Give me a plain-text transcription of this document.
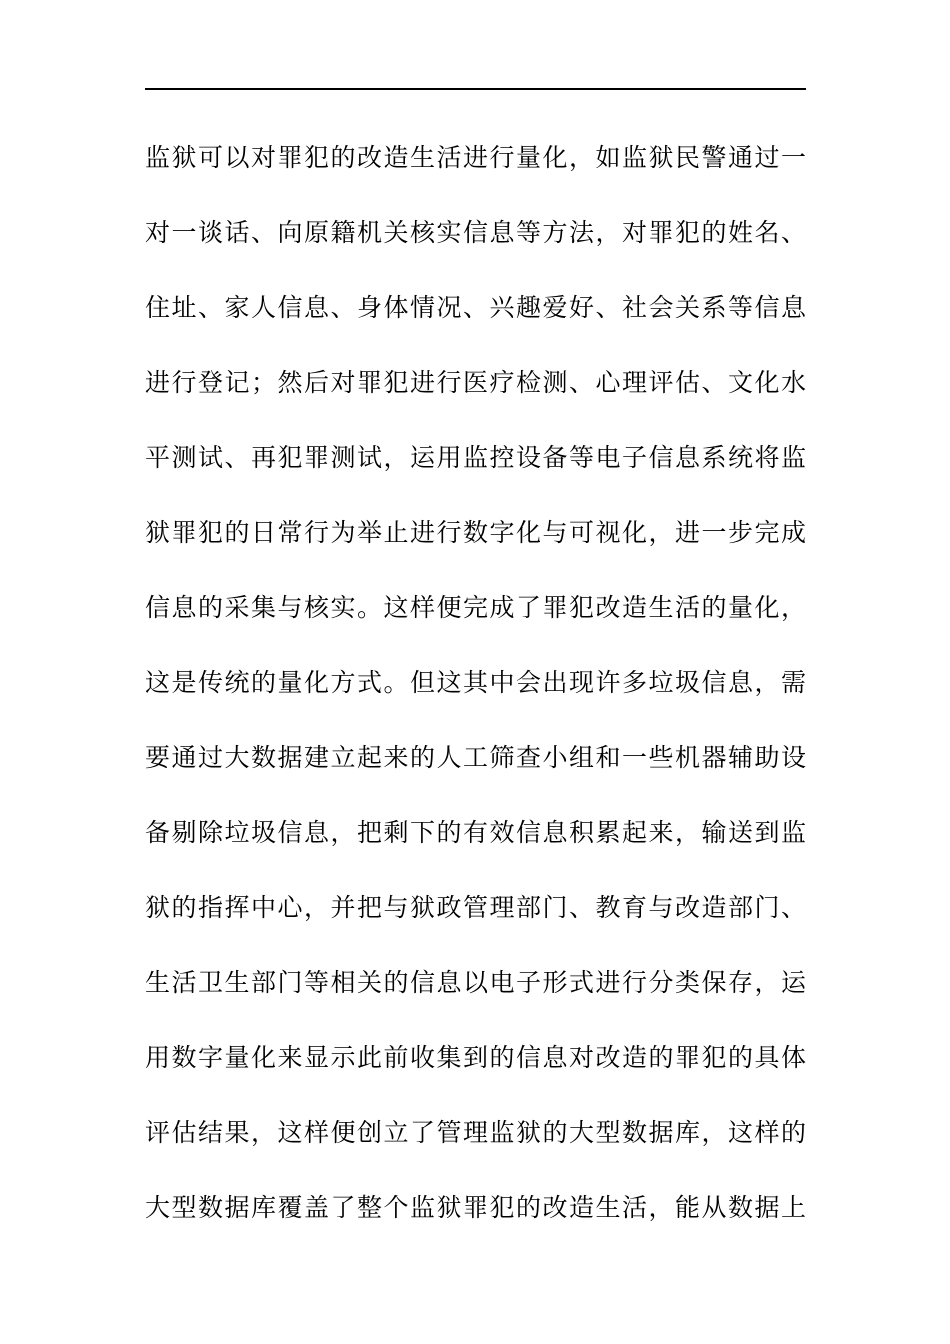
监狱可以对罪犯的改造生活进行量化，如监狱民警通过一
对一谈话、向原籍机关核实信息等方法，对罪犯的姓名、
住址、家人信息、身体情况、兴趣爱好、社会关系等信息
进行登记；然后对罪犯进行医疗检测、心理评估、文化水
平测试、再犯罪测试，运用监控设备等电子信息系统将监
狱罪犯的日常行为举止进行数字化与可视化，进一步完成
信息的采集与核实。这样便完成了罪犯改造生活的量化，
这是传统的量化方式。但这其中会出现许多垃圾信息，需
要通过大数据建立起来的人工筛查小组和一些机器辅助设
备剔除垃圾信息，把剩下的有效信息积累起来，输送到监
狱的指挥中心，并把与狱政管理部门、教育与改造部门、
生活卫生部门等相关的信息以电子形式进行分类保存，运
用数字量化来显示此前收集到的信息对改造的罪犯的具体
评估结果，这样便创立了管理监狱的大型数据库，这样的
大型数据库覆盖了整个监狱罪犯的改造生活，能从数据上
